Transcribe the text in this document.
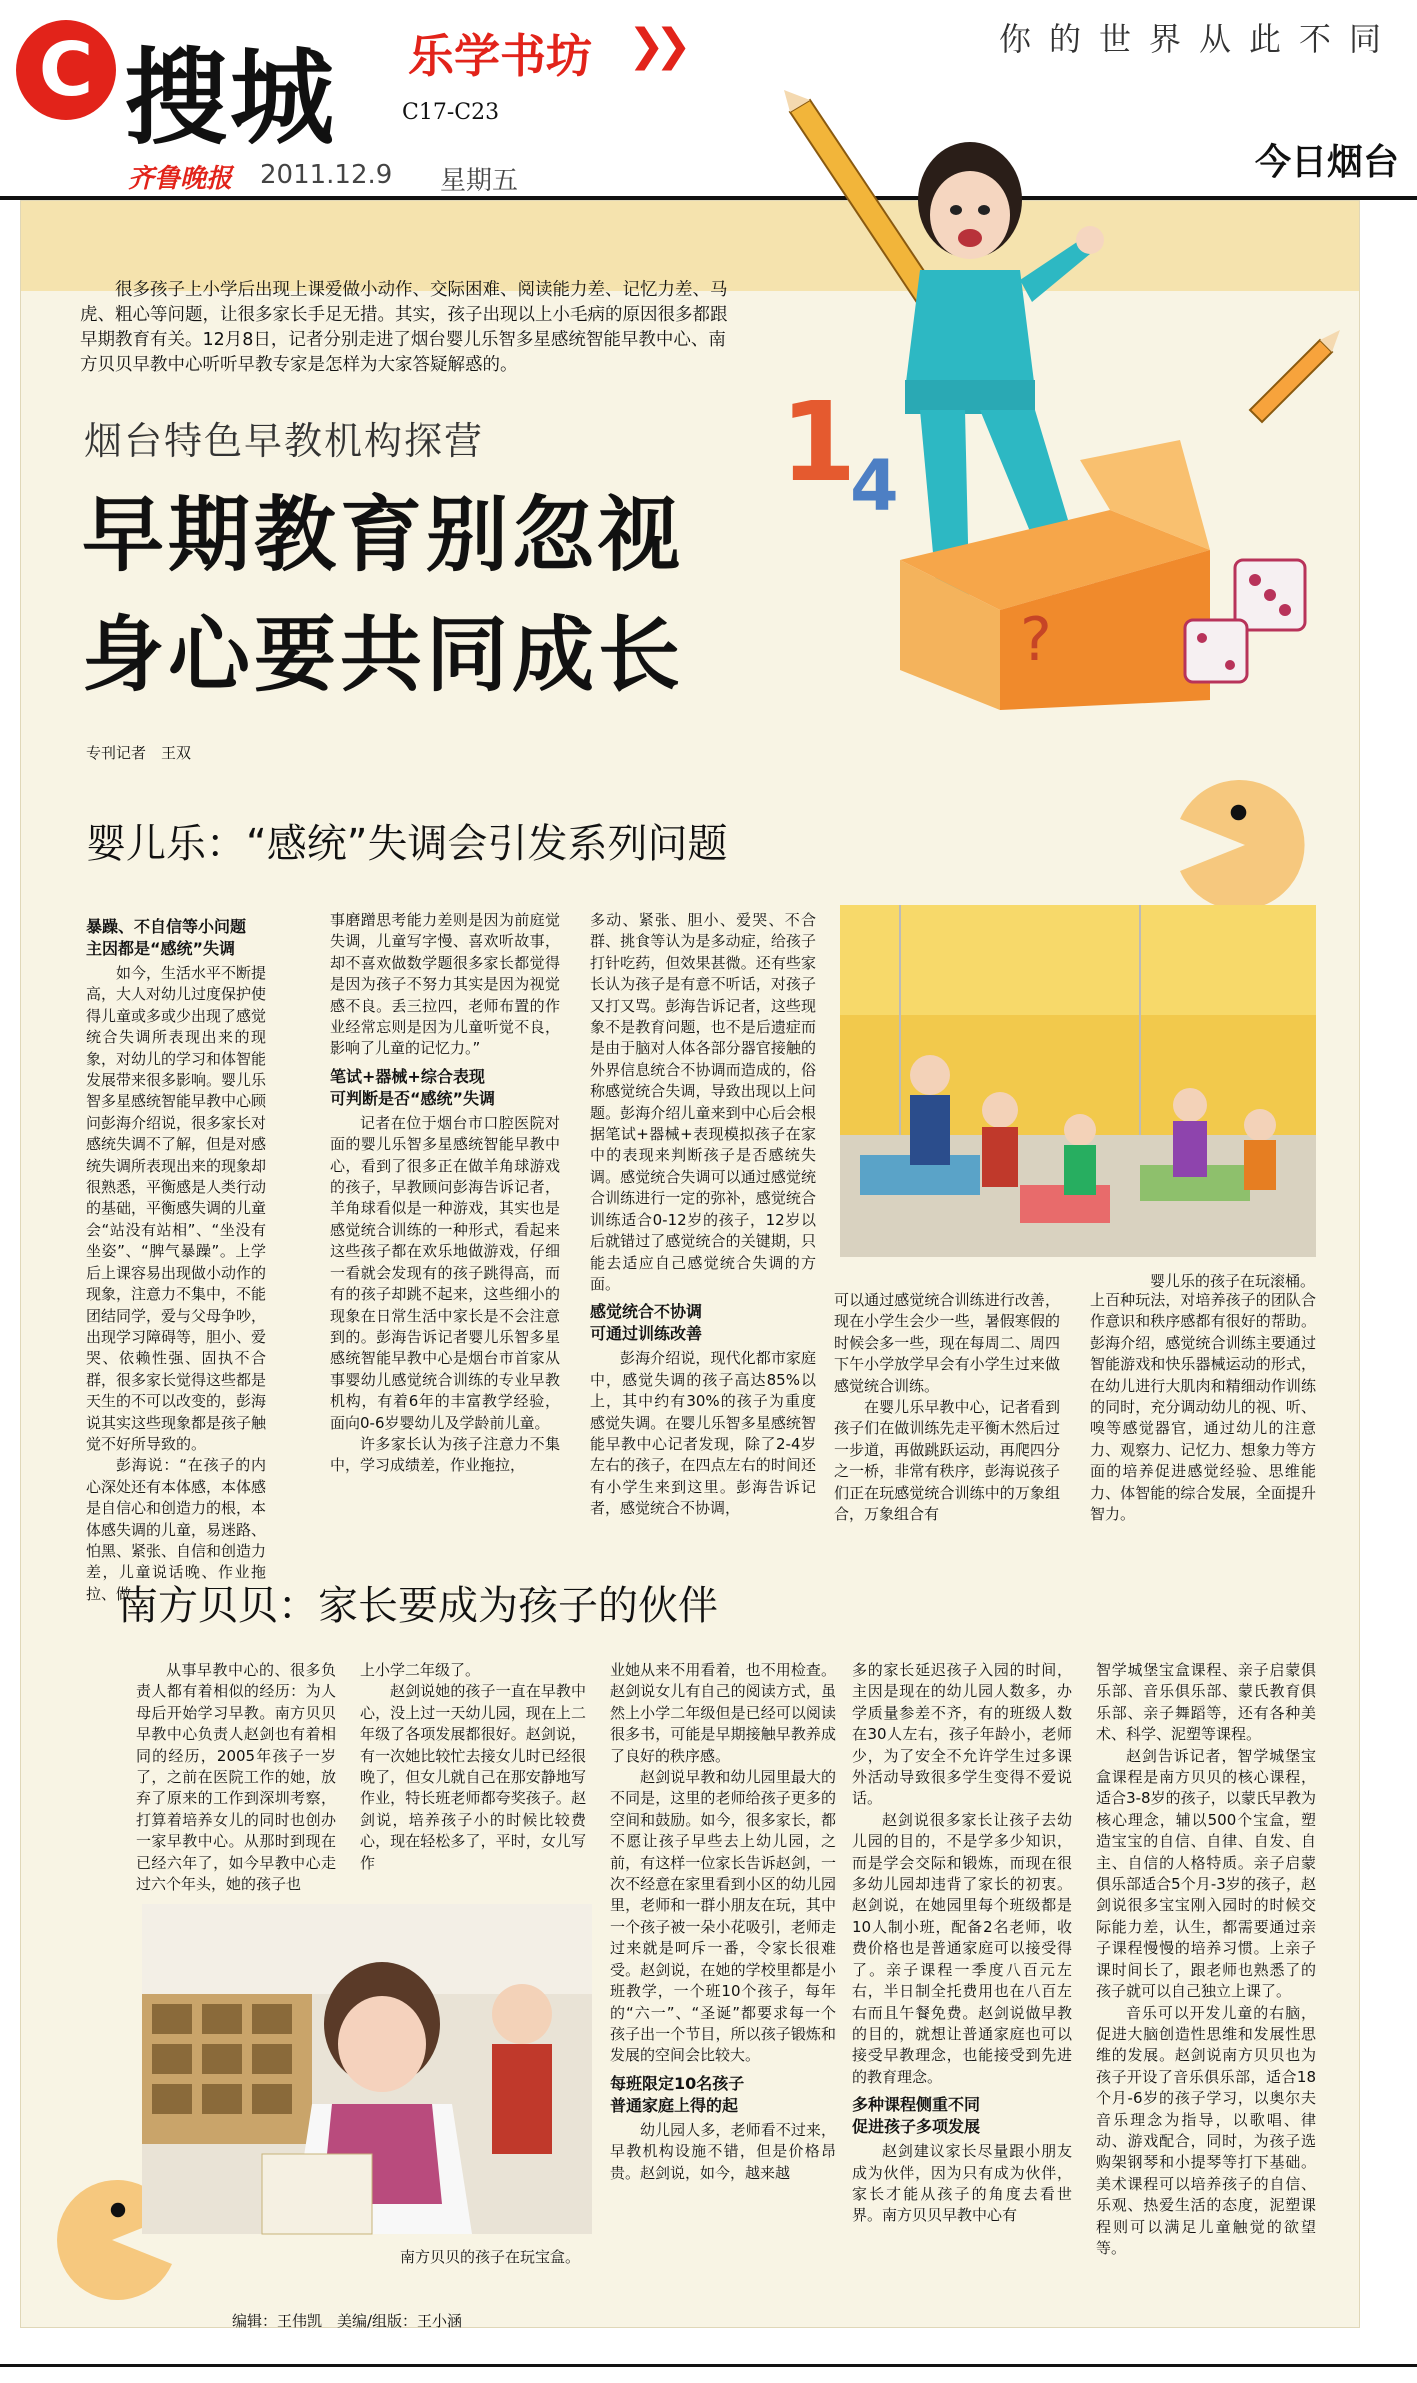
C 搜城 乐学书坊 ❯❯
C17-C23
你的世界从此不同
齐鲁晚报 2011.12.9 星期五	今日烟台
?
1
4
很多孩子上小学后出现上课爱做小动作、交际困难、阅读能力差、记忆力差、马虎、粗心等问题，让很多家长手足无措。其实，孩子出现以上小毛病的原因很多都跟早期教育有关。12月8日，记者分别走进了烟台婴儿乐智多星感统智能早教中心、南方贝贝早教中心听听早教专家是怎样为大家答疑解惑的。
烟台特色早教机构探营
早期教育别忽视
身心要共同成长
专刊记者　王双
婴儿乐：“感统”失调会引发系列问题
暴躁、不自信等小问题
主因都是“感统”失调

如今，生活水平不断提高，大人对幼儿过度保护使得儿童或多或少出现了感觉统合失调所表现出来的现象，对幼儿的学习和体智能发展带来很多影响。婴儿乐智多星感统智能早教中心顾问彭海介绍说，很多家长对感统失调不了解，但是对感统失调所表现出来的现象却很熟悉，平衡感是人类行动的基础，平衡感失调的儿童会“站没有站相”、“坐没有坐姿”、“脾气暴躁”。上学后上课容易出现做小动作的现象，注意力不集中，不能团结同学，爱与父母争吵，出现学习障碍等，胆小、爱哭、依赖性强、固执不合群，很多家长觉得这些都是天生的不可以改变的，彭海说其实这些现象都是孩子触觉不好所导致的。

彭海说：“在孩子的内心深处还有本体感，本体感是自信心和创造力的根，本体感失调的儿童，易迷路、怕黑、紧张、自信和创造力差，儿童说话晚、作业拖拉、做

事磨蹭思考能力差则是因为前庭觉失调，儿童写字慢、喜欢听故事，却不喜欢做数学题很多家长都觉得是因为孩子不努力其实是因为视觉感不良。丢三拉四，老师布置的作业经常忘则是因为儿童听觉不良，影响了儿童的记忆力。”

笔试+器械+综合表现
可判断是否“感统”失调

记者在位于烟台市口腔医院对面的婴儿乐智多星感统智能早教中心，看到了很多正在做羊角球游戏的孩子，早教顾问彭海告诉记者，羊角球看似是一种游戏，其实也是感觉统合训练的一种形式，看起来这些孩子都在欢乐地做游戏，仔细一看就会发现有的孩子跳得高，而有的孩子却跳不起来，这些细小的现象在日常生活中家长是不会注意到的。彭海告诉记者婴儿乐智多星感统智能早教中心是烟台市首家从事婴幼儿感觉统合训练的专业早教机构，有着6年的丰富教学经验，面向0-6岁婴幼儿及学龄前儿童。

许多家长认为孩子注意力不集中，学习成绩差，作业拖拉，

多动、紧张、胆小、爱哭、不合群、挑食等认为是多动症，给孩子打针吃药，但效果甚微。还有些家长认为孩子是有意不听话，对孩子又打又骂。彭海告诉记者，这些现象不是教育问题，也不是后遗症而是由于脑对人体各部分器官接触的外界信息统合不协调而造成的，俗称感觉统合失调，导致出现以上问题。彭海介绍儿童来到中心后会根据笔试+器械+表现模拟孩子在家中的表现来判断孩子是否感统失调。感觉统合失调可以通过感觉统合训练进行一定的弥补，感觉统合训练适合0-12岁的孩子，12岁以后就错过了感觉统合的关键期，只能去适应自己感觉统合失调的方面。

感觉统合不协调
可通过训练改善

彭海介绍说，现代化都市家庭中，感觉失调的孩子高达85%以上，其中约有30%的孩子为重度感觉失调。在婴儿乐智多星感统智能早教中心记者发现，除了2-4岁左右的孩子，在四点左右的时间还有小学生来到这里。彭海告诉记者，感觉统合不协调，

婴儿乐的孩子在玩滚桶。

可以通过感觉统合训练进行改善，现在小学生会少一些，暑假寒假的时候会多一些，现在每周二、周四下午小学放学早会有小学生过来做感觉统合训练。

在婴儿乐早教中心，记者看到孩子们在做训练先走平衡木然后过一步道，再做跳跃运动，再爬四分之一桥，非常有秩序，彭海说孩子们正在玩感觉统合训练中的万象组合，万象组合有

上百种玩法，对培养孩子的团队合作意识和秩序感都有很好的帮助。彭海介绍，感觉统合训练主要通过智能游戏和快乐器械运动的形式，在幼儿进行大肌肉和精细动作训练的同时，充分调动幼儿的视、听、嗅等感觉器官，通过幼儿的注意力、观察力、记忆力、想象力等方面的培养促进感觉经验、思维能力、体智能的综合发展，全面提升智力。

南方贝贝：家长要成为孩子的伙伴

从事早教中心的、很多负责人都有着相似的经历：为人母后开始学习早教。南方贝贝早教中心负责人赵剑也有着相同的经历，2005年孩子一岁了，之前在医院工作的她，放弃了原来的工作到深圳考察，打算着培养女儿的同时也创办一家早教中心。从那时到现在已经六年了，如今早教中心走过六个年头，她的孩子也

上小学二年级了。

赵剑说她的孩子一直在早教中心，没上过一天幼儿园，现在上二年级了各项发展都很好。赵剑说，有一次她比较忙去接女儿时已经很晚了，但女儿就自己在那安静地写作业，特长班老师都夸奖孩子。赵剑说，培养孩子小的时候比较费心，现在轻松多了，平时，女儿写作

南方贝贝的孩子在玩宝盒。

业她从来不用看着，也不用检查。赵剑说女儿有自己的阅读方式，虽然上小学二年级但是已经可以阅读很多书，可能是早期接触早教养成了良好的秩序感。

赵剑说早教和幼儿园里最大的不同是，这里的老师给孩子更多的空间和鼓励。如今，很多家长，都不愿让孩子早些去上幼儿园，之前，有这样一位家长告诉赵剑，一次不经意在家里看到小区的幼儿园里，老师和一群小朋友在玩，其中一个孩子被一朵小花吸引，老师走过来就是呵斥一番，令家长很难受。赵剑说，在她的学校里都是小班教学，一个班10个孩子，每年的“六一”、“圣诞”都要求每一个孩子出一个节目，所以孩子锻炼和发展的空间会比较大。

每班限定10名孩子
普通家庭上得的起

幼儿园人多，老师看不过来，早教机构设施不错，但是价格昂贵。赵剑说，如今，越来越

多的家长延迟孩子入园的时间，主因是现在的幼儿园人数多，办学质量参差不齐，有的班级人数在30人左右，孩子年龄小，老师少，为了安全不允许学生过多课外活动导致很多学生变得不爱说话。

赵剑说很多家长让孩子去幼儿园的目的，不是学多少知识，而是学会交际和锻炼，而现在很多幼儿园却违背了家长的初衷。赵剑说，在她园里每个班级都是10人制小班，配备2名老师，收费价格也是普通家庭可以接受得了。亲子课程一季度八百元左右，半日制全托费用也在八百左右而且午餐免费。赵剑说做早教的目的，就想让普通家庭也可以接受早教理念，也能接受到先进的教育理念。

多种课程侧重不同
促进孩子多项发展

赵剑建议家长尽量跟小朋友成为伙伴，因为只有成为伙伴，家长才能从孩子的角度去看世界。南方贝贝早教中心有

智学城堡宝盒课程、亲子启蒙俱乐部、音乐俱乐部、蒙氏教育俱乐部、亲子舞蹈等，还有各种美术、科学、泥塑等课程。

赵剑告诉记者，智学城堡宝盒课程是南方贝贝的核心课程，适合3-8岁的孩子，以蒙氏早教为核心理念，辅以500个宝盒，塑造宝宝的自信、自律、自发、自主、自信的人格特质。亲子启蒙俱乐部适合5个月-3岁的孩子，赵剑说很多宝宝刚入园时的时候交际能力差，认生，都需要通过亲子课程慢慢的培养习惯。上亲子课时间长了，跟老师也熟悉了的孩子就可以自己独立上课了。

音乐可以开发儿童的右脑，促进大脑创造性思维和发展性思维的发展。赵剑说南方贝贝也为孩子开设了音乐俱乐部，适合18个月-6岁的孩子学习，以奥尔夫音乐理念为指导，以歌唱、律动、游戏配合，同时，为孩子选购架钢琴和小提琴等打下基础。美术课程可以培养孩子的自信、乐观、热爱生活的态度，泥塑课程则可以满足儿童触觉的欲望等。

编辑：王伟凯　美编/组版：王小涵
